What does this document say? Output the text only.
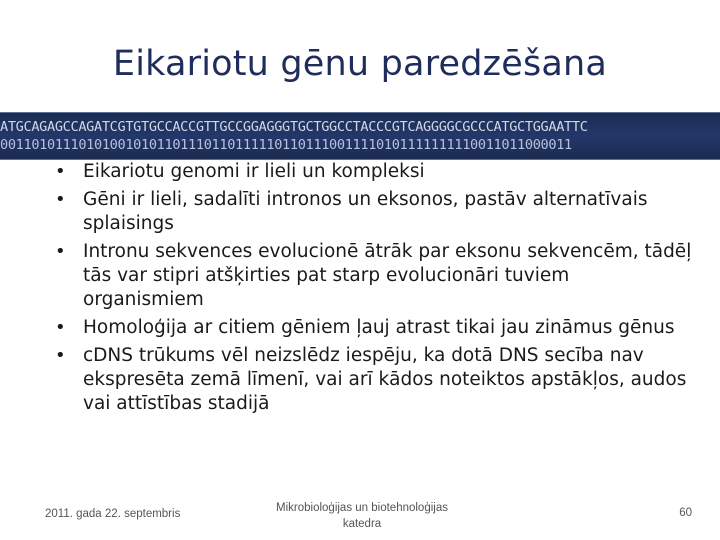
Eikariotu gēnu paredzēšana
ATGCAGAGCCAGATCGTGTGCCACCGTTGCCGGAGGGTGCTGGCCTACCCGTCAGGGGCGCCCATGCTGGAATTC
0011010111010100101011011101101111101101110011110101111111110011011000011
• Eikariotu genomi ir lieli un kompleksi
• Gēni ir lieli, sadalīti intronos un eksonos, pastāv alternatīvais splaisings
• Intronu sekvences evolucionē ātrāk par eksonu sekvencēm, tādēļ tās var stipri atšķirties pat starp evolucionāri tuviem organismiem
• Homoloģija ar citiem gēniem ļauj atrast tikai jau zināmus gēnus
• cDNS trūkums vēl neizslēdz iespēju, ka dotā DNS secība nav ekspresēta zemā līmenī, vai arī kādos noteiktos apstākļos, audos vai attīstības stadijā
2011. gada 22. septembris	Mikrobioloģijas un biotehnoloģijas
katedra
60
